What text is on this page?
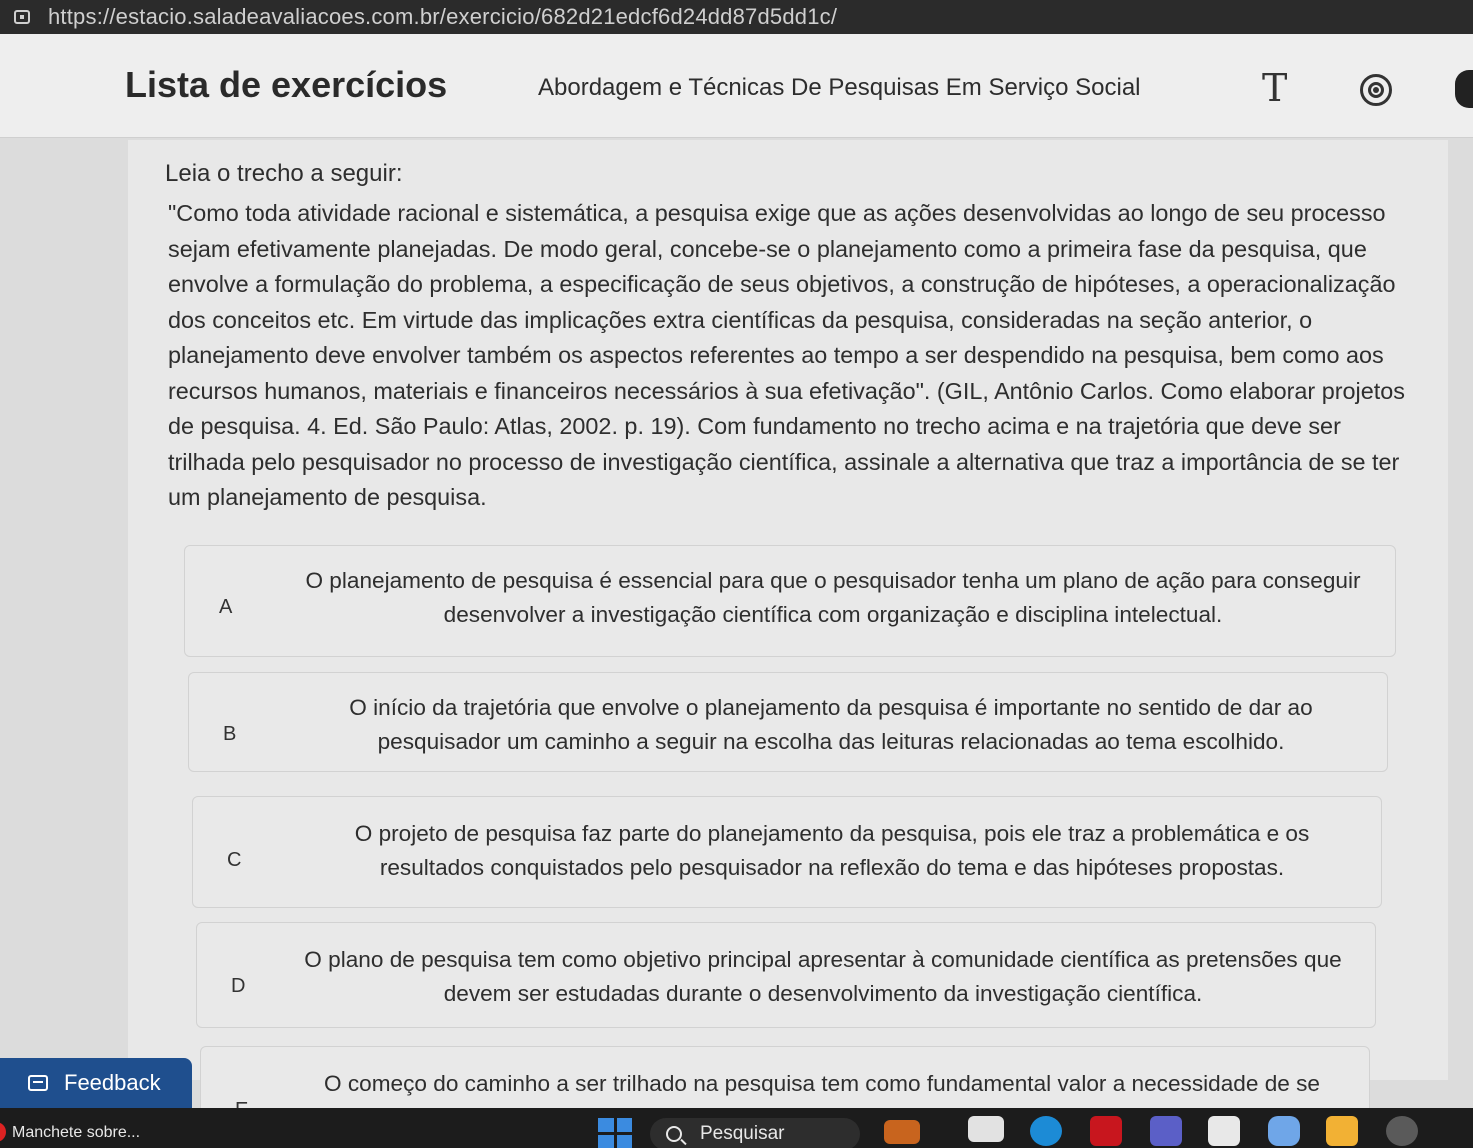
https://estacio.saladeavaliacoes.com.br/exercicio/682d21edcf6d24dd87d5dd1c/
Lista de exercícios	Abordagem e Técnicas De Pesquisas Em Serviço Social	T
Leia o trecho a seguir:
"Como toda atividade racional e sistemática, a pesquisa exige que as ações desenvolvidas ao longo de seu processo sejam efetivamente planejadas. De modo geral, concebe-se o planejamento como a primeira fase da pesquisa, que envolve a formulação do problema, a especificação de seus objetivos, a construção de hipóteses, a operacionalização dos conceitos etc. Em virtude das implicações extra científicas da pesquisa, consideradas na seção anterior, o planejamento deve envolver também os aspectos referentes ao tempo a ser despendido na pesquisa, bem como aos recursos humanos, materiais e financeiros necessários à sua efetivação". (GIL, Antônio Carlos. Como elaborar projetos de pesquisa. 4. Ed. São Paulo: Atlas, 2002. p. 19). Com fundamento no trecho acima e na trajetória que deve ser trilhada pelo pesquisador no processo de investigação científica, assinale a alternativa que traz a importância de se ter um planejamento de pesquisa.
A
O planejamento de pesquisa é essencial para que o pesquisador tenha um plano de ação para conseguir desenvolver a investigação científica com organização e disciplina intelectual.
B
O início da trajetória que envolve o planejamento da pesquisa é importante no sentido de dar ao pesquisador um caminho a seguir na escolha das leituras relacionadas ao tema escolhido.
C
O projeto de pesquisa faz parte do planejamento da pesquisa, pois ele traz a problemática e os resultados conquistados pelo pesquisador na reflexão do tema e das hipóteses propostas.
D
O plano de pesquisa tem como objetivo principal apresentar à comunidade científica as pretensões que devem ser estudadas durante o desenvolvimento da investigação científica.
O começo do caminho a ser trilhado na pesquisa tem como fundamental valor a necessidade de se
Feedback
Manchete sobre...	Pesquisar
